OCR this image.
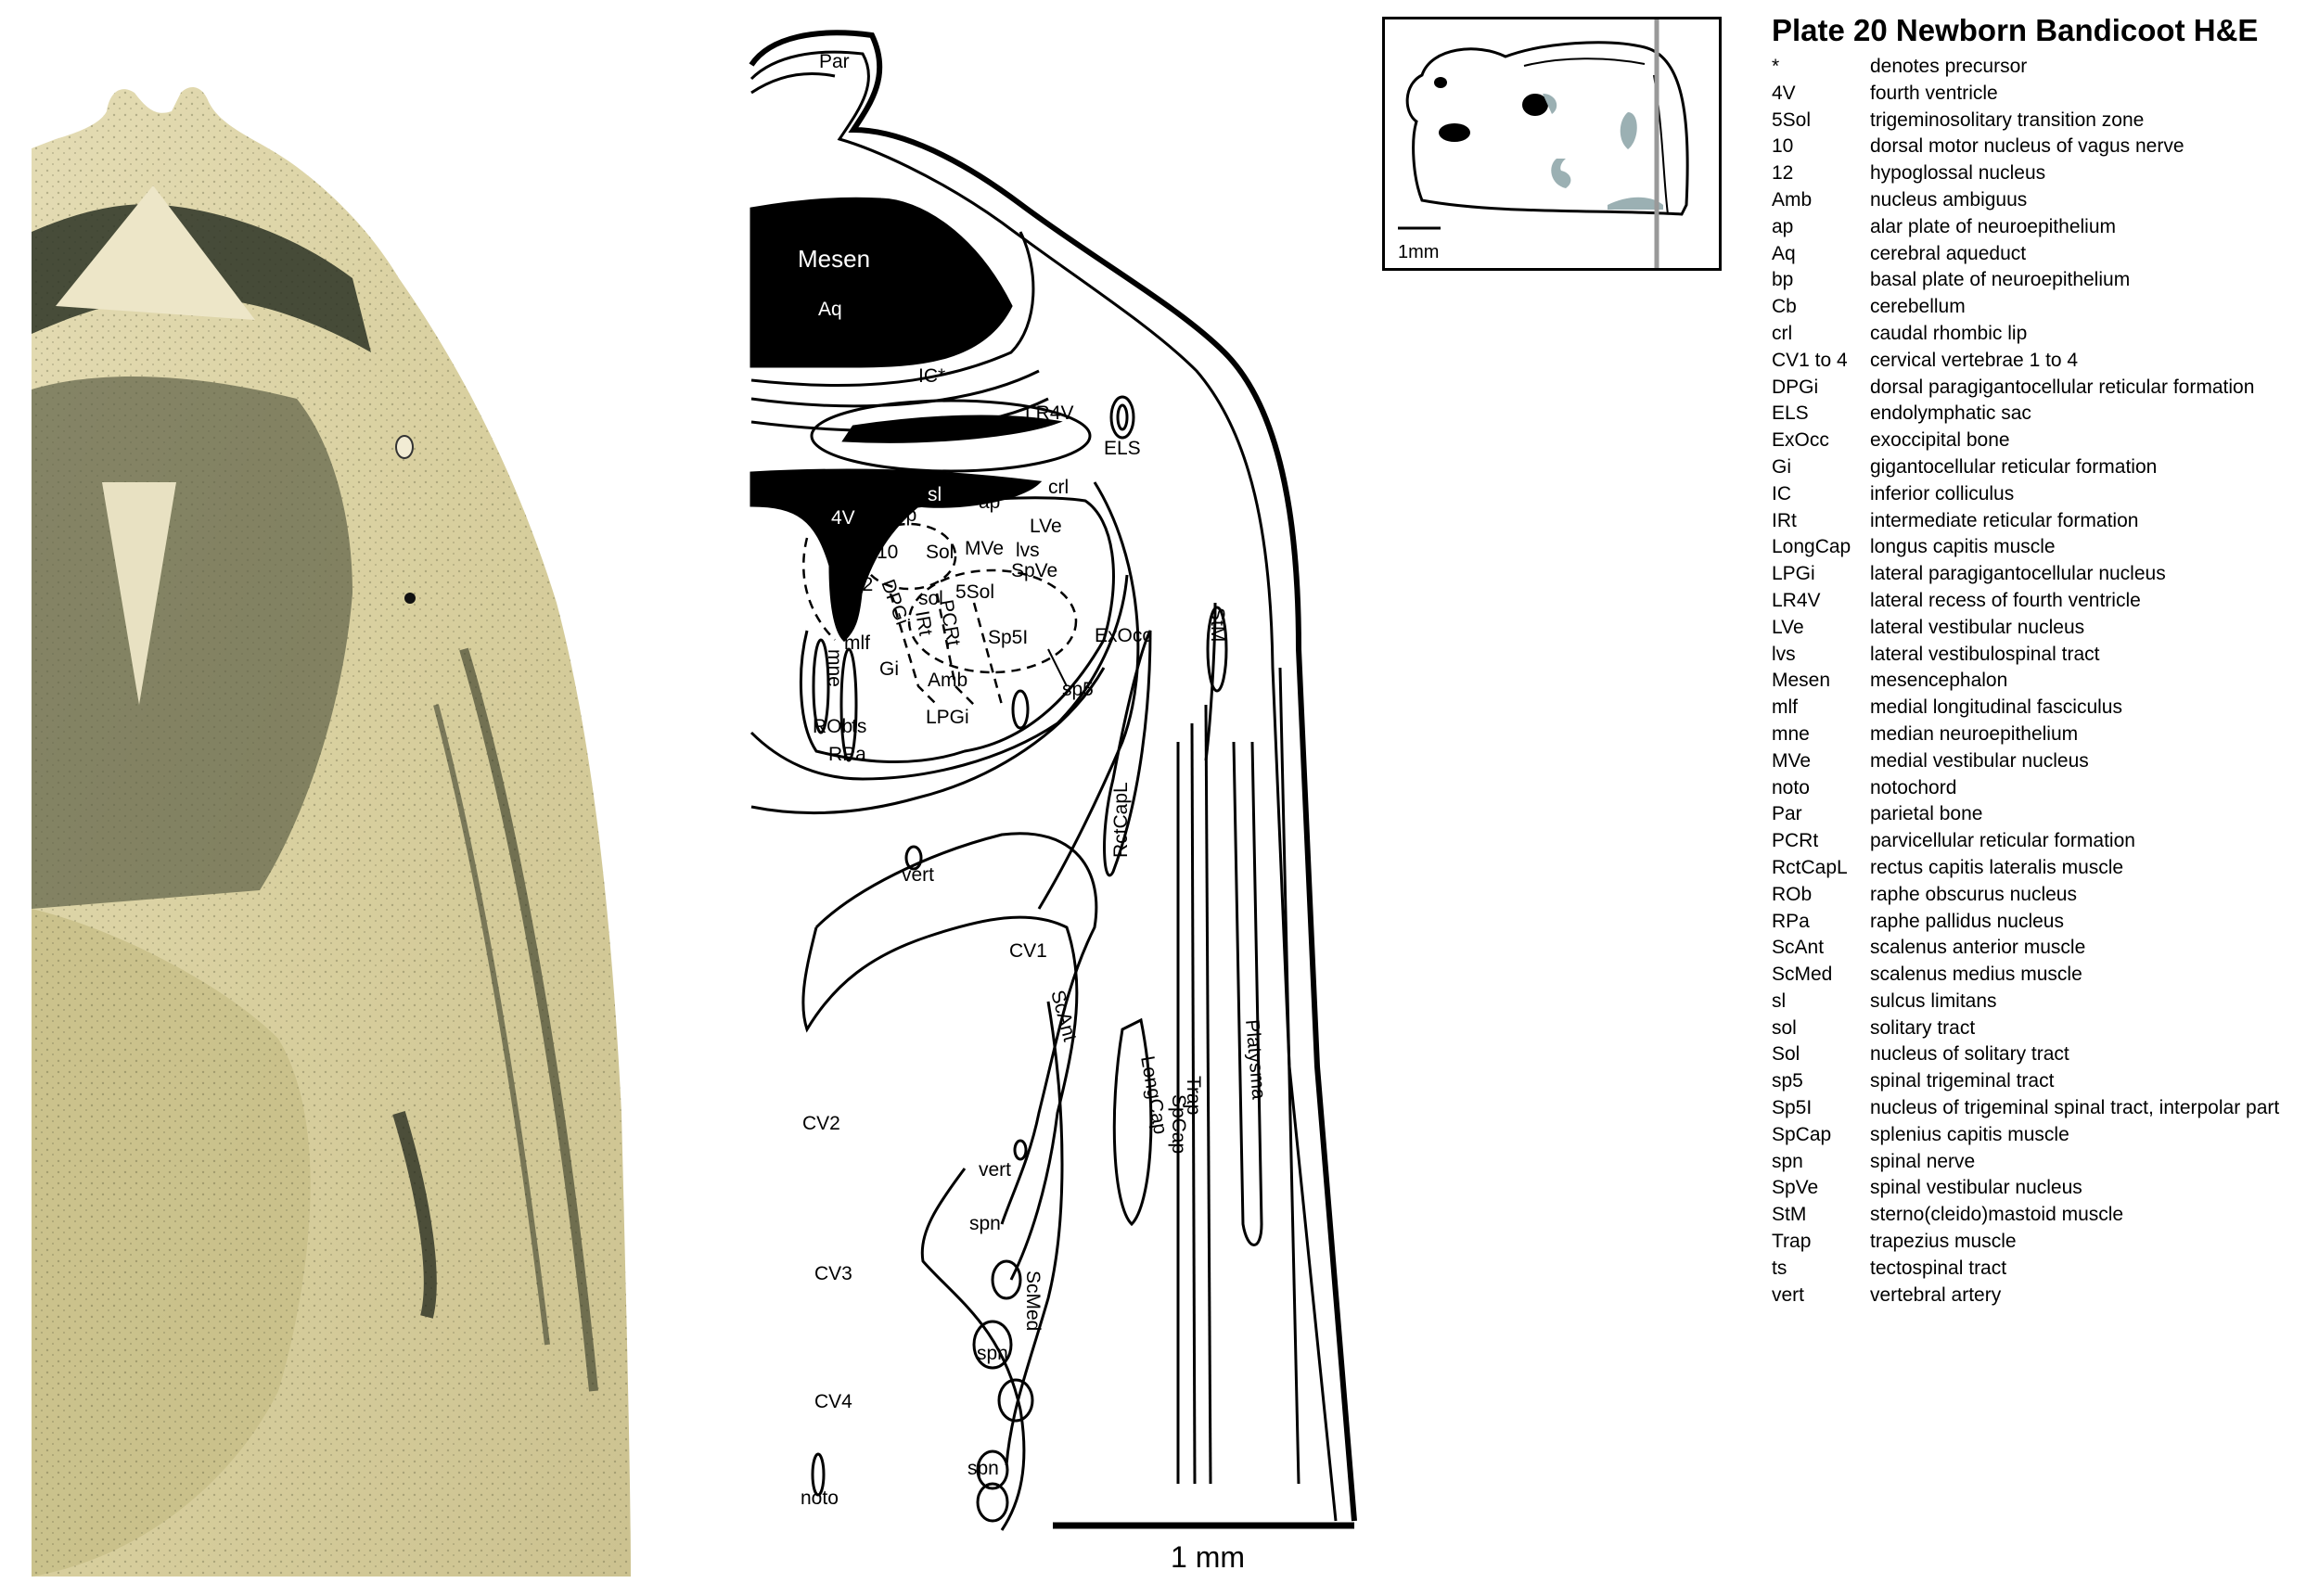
Par
Mesen
Aq
IC*
IC*
LR4V
Cb*
ELS
crl
sl ap
4V bp
LVe
Sol MVe lvs
SpVe
10
sol 5Sol
12
Sp5I	ExOcc
mlf
Gi
Amb	sp5
LPGi
ROb
ts
RPa
vert
CV1
CV2
vert
spn
CV3
spn
CV4
spn
noto
DPGi
IRt
PCRt
mne
StM
RctCapL
ScAnt
LongCap
SpCap
Trap Platysma
ScMed
1 mm
1mm
Plate 20 Newborn Bandicoot H&E
*	denotes precursor
4V	fourth ventricle
5Sol	trigeminosolitary transition zone
10	dorsal motor nucleus of vagus nerve
12	hypoglossal nucleus
Amb	nucleus ambiguus
ap	alar plate of neuroepithelium
Aq	cerebral aqueduct
bp	basal plate of neuroepithelium
Cb	cerebellum
crl	caudal rhombic lip
CV1 to 4	cervical vertebrae 1 to 4
DPGi	dorsal paragigantocellular reticular formation
ELS	endolymphatic sac
ExOcc	exoccipital bone
Gi	gigantocellular reticular formation
IC	inferior colliculus
IRt	intermediate reticular formation
LongCap longus capitis muscle
LPGi	lateral paragigantocellular nucleus
LR4V	lateral recess of fourth ventricle
LVe	lateral vestibular nucleus
lvs	lateral vestibulospinal tract
Mesen	mesencephalon
mlf	medial longitudinal fasciculus
mne	median neuroepithelium
MVe	medial vestibular nucleus
noto	notochord
Par	parietal bone
PCRt	parvicellular reticular formation
RctCapL	rectus capitis lateralis muscle
ROb	raphe obscurus nucleus
RPa	raphe pallidus nucleus
ScAnt	scalenus anterior muscle
ScMed	scalenus medius muscle
sl	sulcus limitans
sol	solitary tract
Sol	nucleus of solitary tract
sp5	spinal trigeminal tract
Sp5I	nucleus of trigeminal spinal tract, interpolar part
SpCap	splenius capitis muscle
spn	spinal nerve
SpVe	spinal vestibular nucleus
StM	sterno(cleido)mastoid muscle
Trap	trapezius muscle
ts	tectospinal tract
vert	vertebral artery
